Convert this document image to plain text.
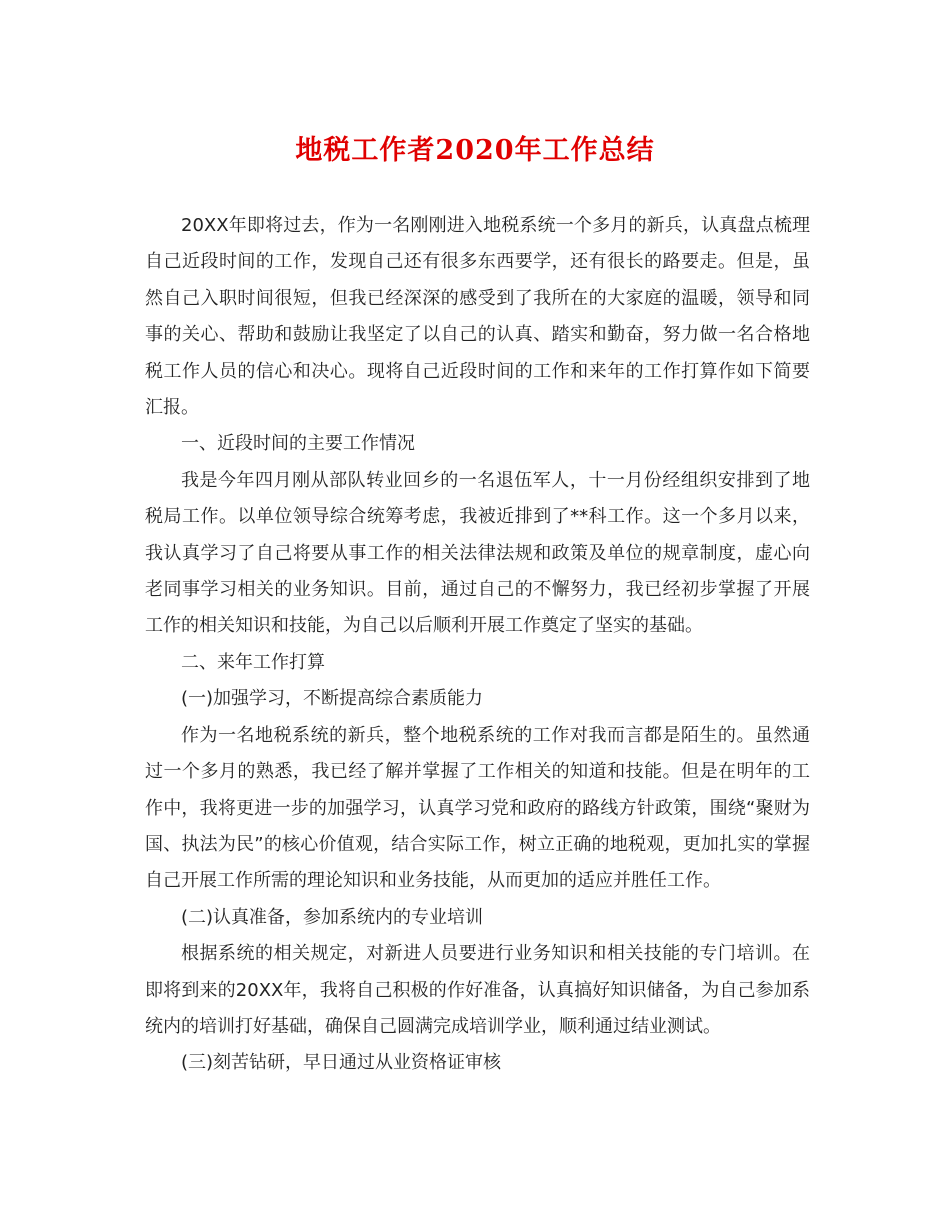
地税工作者2020年工作总结

20XX年即将过去，作为一名刚刚进入地税系统一个多月的新兵，认真盘点梳理自己近段时间的工作，发现自己还有很多东西要学，还有很长的路要走。但是，虽然自己入职时间很短，但我已经深深的感受到了我所在的大家庭的温暖，领导和同事的关心、帮助和鼓励让我坚定了以自己的认真、踏实和勤奋，努力做一名合格地税工作人员的信心和决心。现将自己近段时间的工作和来年的工作打算作如下简要汇报。

一、近段时间的主要工作情况

我是今年四月刚从部队转业回乡的一名退伍军人，十一月份经组织安排到了地税局工作。以单位领导综合统筹考虑，我被近排到了**科工作。这一个多月以来，我认真学习了自己将要从事工作的相关法律法规和政策及单位的规章制度，虚心向老同事学习相关的业务知识。目前，通过自己的不懈努力，我已经初步掌握了开展工作的相关知识和技能，为自己以后顺利开展工作奠定了坚实的基础。

二、来年工作打算

(一)加强学习，不断提高综合素质能力

作为一名地税系统的新兵，整个地税系统的工作对我而言都是陌生的。虽然通过一个多月的熟悉，我已经了解并掌握了工作相关的知道和技能。但是在明年的工作中，我将更进一步的加强学习，认真学习党和政府的路线方针政策，围绕“聚财为国、执法为民”的核心价值观，结合实际工作，树立正确的地税观，更加扎实的掌握自己开展工作所需的理论知识和业务技能，从而更加的适应并胜任工作。

(二)认真准备，参加系统内的专业培训

根据系统的相关规定，对新进人员要进行业务知识和相关技能的专门培训。在即将到来的20XX年，我将自己积极的作好准备，认真搞好知识储备，为自己参加系统内的培训打好基础，确保自己圆满完成培训学业，顺利通过结业测试。

(三)刻苦钻研，早日通过从业资格证审核
